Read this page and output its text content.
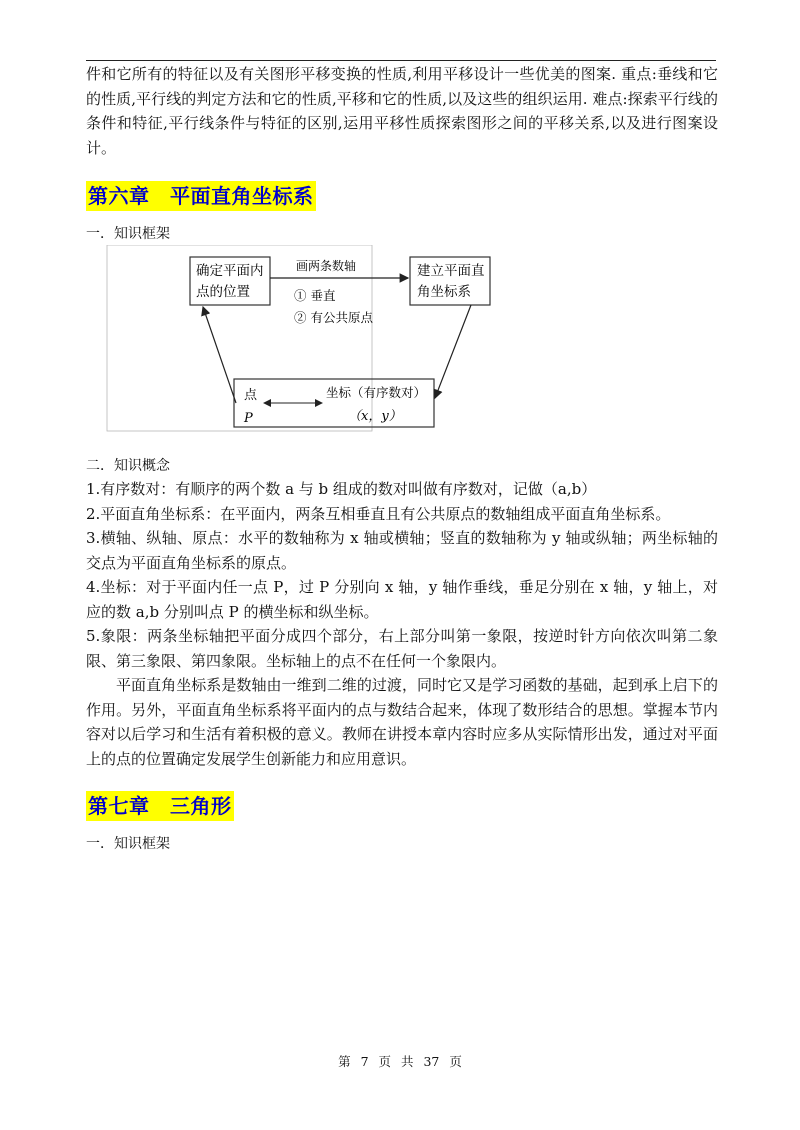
件和它所有的特征以及有关图形平移变换的性质,利用平移设计一些优美的图案. 重点:垂线和它的性质,平行线的判定方法和它的性质,平移和它的性质,以及这些的组织运用. 难点:探索平行线的条件和特征,平行线条件与特征的区别,运用平移性质探索图形之间的平移关系,以及进行图案设计。

第六章　平面直角坐标系

一．知识框架

确定平面内
点的位置
建立平面直
角坐标系
画两条数轴
① 垂直
② 有公共原点
点
P
坐标（有序数对）
（x，y）

二．知识概念

1.有序数对：有顺序的两个数 a 与 b 组成的数对叫做有序数对，记做（a,b）

2.平面直角坐标系：在平面内，两条互相垂直且有公共原点的数轴组成平面直角坐标系。

3.横轴、纵轴、原点：水平的数轴称为 x 轴或横轴；竖直的数轴称为 y 轴或纵轴；两坐标轴的交点为平面直角坐标系的原点。

4.坐标：对于平面内任一点 P，过 P 分别向 x 轴，y 轴作垂线，垂足分别在 x 轴，y 轴上，对应的数 a,b 分别叫点 P 的横坐标和纵坐标。

5.象限：两条坐标轴把平面分成四个部分，右上部分叫第一象限，按逆时针方向依次叫第二象限、第三象限、第四象限。坐标轴上的点不在任何一个象限内。

平面直角坐标系是数轴由一维到二维的过渡，同时它又是学习函数的基础，起到承上启下的作用。另外，平面直角坐标系将平面内的点与数结合起来，体现了数形结合的思想。掌握本节内容对以后学习和生活有着积极的意义。教师在讲授本章内容时应多从实际情形出发，通过对平面上的点的位置确定发展学生创新能力和应用意识。

第七章　三角形

一．知识框架

第 7 页 共 37 页
